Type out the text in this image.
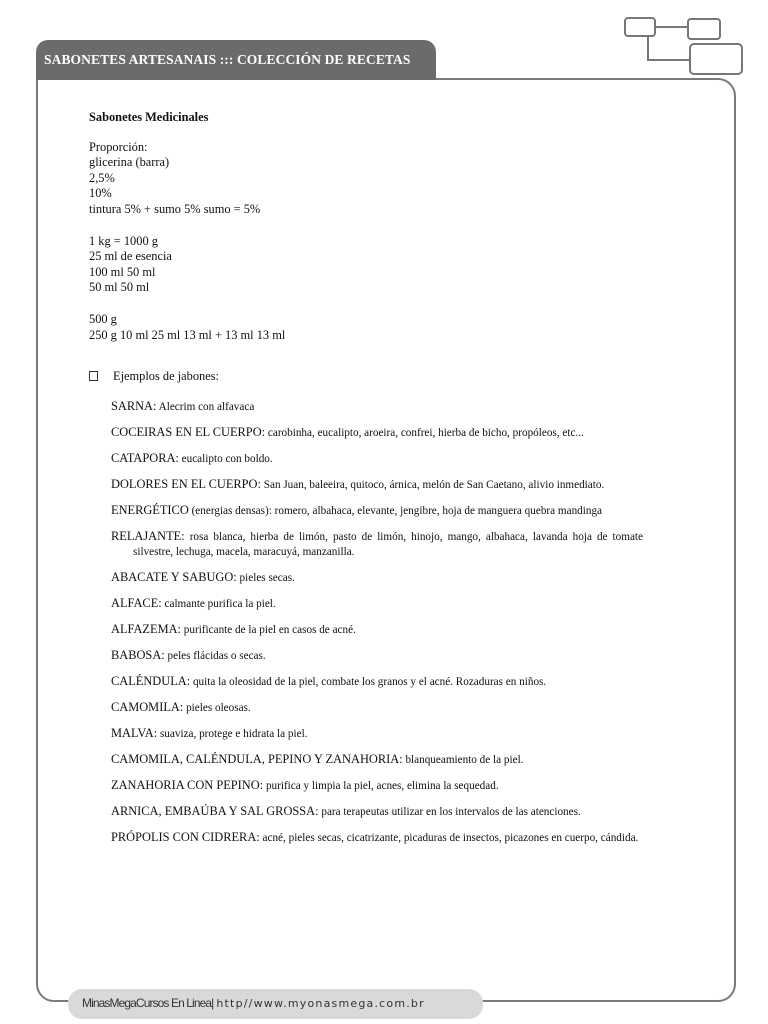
SABONETES ARTESANAIS ::: COLECCIÓN DE RECETAS
Sabonetes Medicinales
Proporción:
glicerina (barra)
2,5%
10%
tintura 5% + sumo 5% sumo = 5%
1 kg = 1000 g
25 ml de esencia
100 ml 50 ml
50 ml 50 ml
500 g
250 g 10 ml 25 ml 13 ml + 13 ml 13 ml
Ejemplos de jabones:
SARNA: Alecrim con alfavaca
COCEIRAS EN EL CUERPO: carobinha, eucalipto, aroeira, confrei, hierba de bicho, propóleos, etc...
CATAPORA: eucalipto con boldo.
DOLORES EN EL CUERPO: San Juan, baleeira, quitoco, árnica, melón de San Caetano, alivio inmediato.
ENERGÉTICO (energias densas): romero, albahaca, elevante, jengibre, hoja de manguera quebra mandinga
RELAJANTE: rosa blanca, hierba de limón, pasto de limón, hinojo, mango, albahaca, lavanda hoja de tomate silvestre, lechuga, macela, maracuyá, manzanilla.
ABACATE Y SABUGO: pieles secas.
ALFACE: calmante purifica la piel.
ALFAZEMA: purificante de la piel en casos de acné.
BABOSA: peles flácidas o secas.
CALÉNDULA: quita la oleosidad de la piel, combate los granos y el acné. Rozaduras en niños.
CAMOMILA: pieles oleosas.
MALVA: suaviza, protege e hidrata la piel.
CAMOMILA, CALÉNDULA, PEPINO Y ZANAHORIA: blanqueamiento de la piel.
ZANAHORIA CON PEPINO: purifica y limpia la piel, acnes, elimina la sequedad.
ARNICA, EMBAÚBA Y SAL GROSSA: para terapeutas utilizar en los intervalos de las atenciones.
PRÓPOLIS CON CIDRERA: acné, pieles secas, cicatrizante, picaduras de insectos, picazones en cuerpo, cándida.
MinasMegaCursos En Linea| http//www.myonasmega.com.br
